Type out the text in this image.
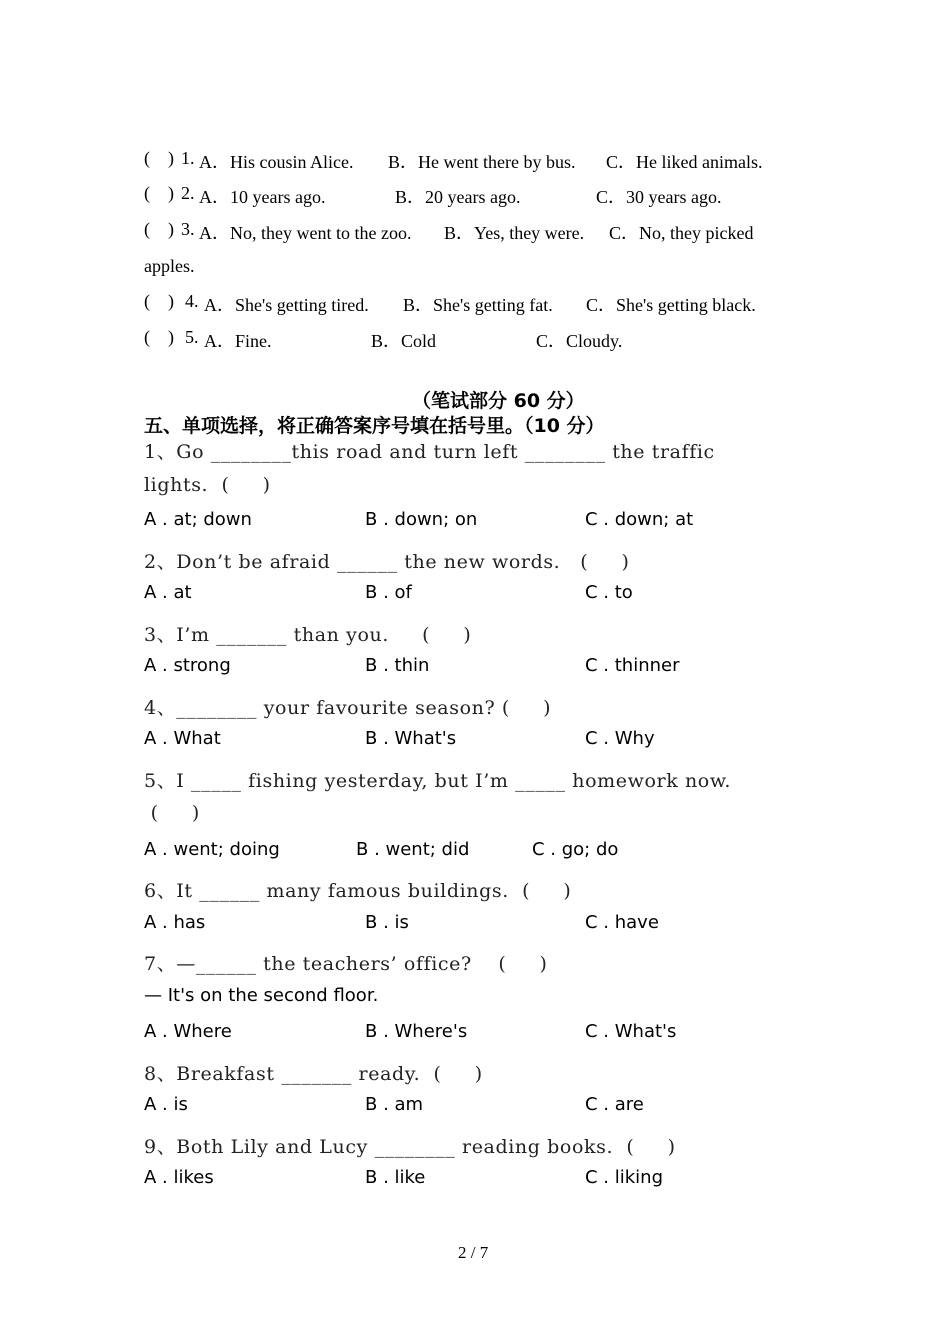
(    ) 1. A．His cousin Alice. B．He went there by bus. C．He liked animals.
(    ) 2. A．10 years ago.	B．20 years ago.	C．30 years ago.
(    ) 3. A．No, they went to the zoo. B．Yes, they were. C．No, they picked
apples.
(    ) 4. A．She's getting tired. B．She's getting fat. C．She's getting black.
(    ) 5. A．Fine.	B．Cold	C．Cloudy.
（笔试部分 60 分）
五、单项选择，将正确答案序号填在括号里。（10 分）
1、Go ________this road and turn left ________ the traffic
lights.  (     )
A . at; down	B . down; on	C . down; at
2、Don’t be afraid ______ the new words.   (     )
A . at	B . of	C . to
3、I’m _______ than you.     (     )
A . strong	B . thin	C . thinner
4、________ your favourite season? (     )
A . What	B . What's	C . Why
5、I _____ fishing yesterday, but I’m _____ homework now.
(     )
A . went; doing	B . went; did	C . go; do
6、It ______ many famous buildings.  (     )
A . has	B . is	C . have
7、—______ the teachers’ office?    (     )
— It's on the second floor.
A . Where	B . Where's	C . What's
8、Breakfast _______ ready.  (     )
A . is	B . am	C . are
9、Both Lily and Lucy ________ reading books.  (     )
A . likes	B . like	C . liking
2 / 7
